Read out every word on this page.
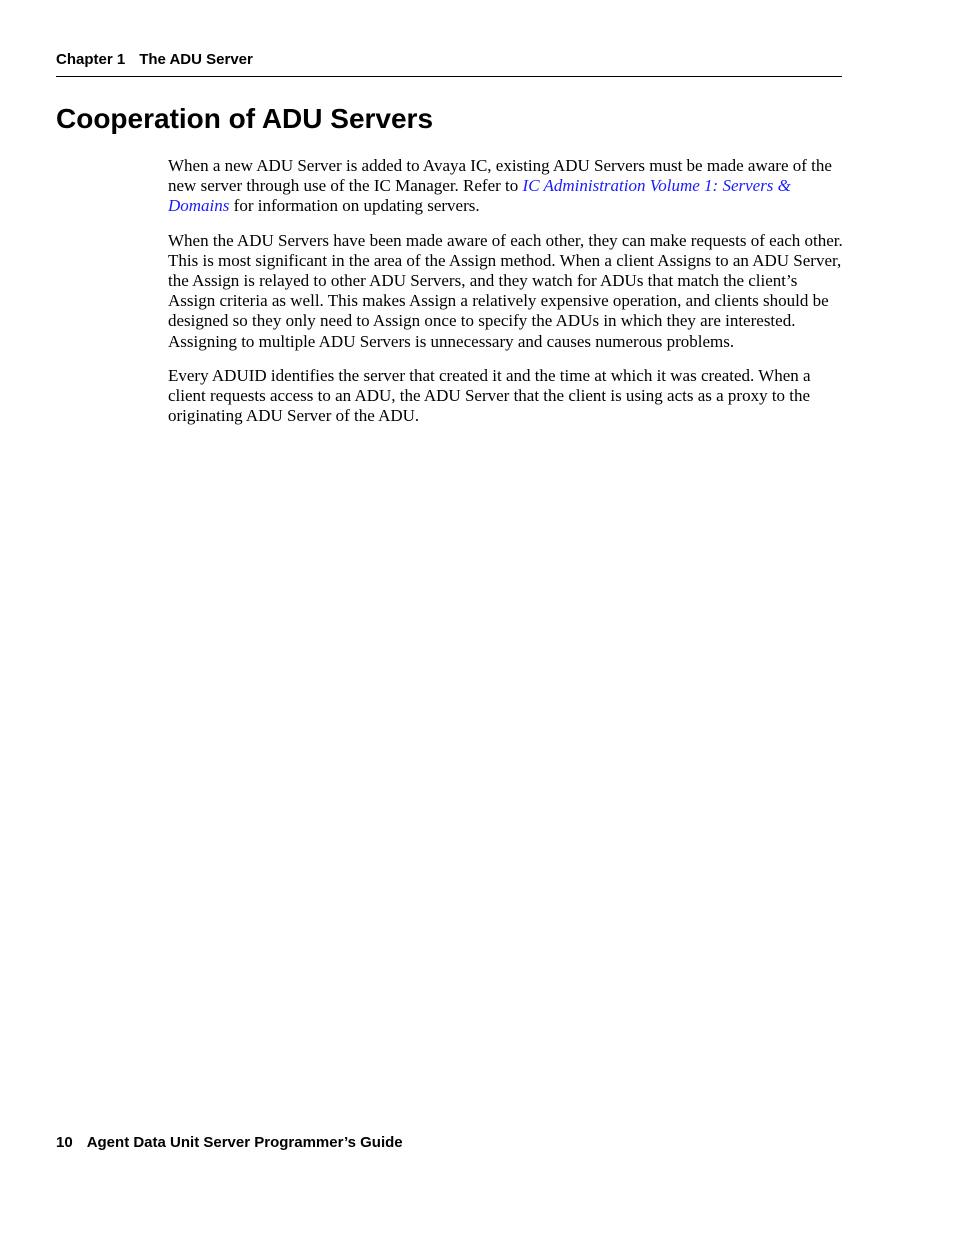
Chapter 1 The ADU Server
Cooperation of ADU Servers

When a new ADU Server is added to Avaya IC, existing ADU Servers must be made aware of the new server through use of the IC Manager. Refer to IC Administration Volume 1: Servers & Domains for information on updating servers.

When the ADU Servers have been made aware of each other, they can make requests of each other. This is most significant in the area of the Assign method. When a client Assigns to an ADU Server, the Assign is relayed to other ADU Servers, and they watch for ADUs that match the client’s Assign criteria as well. This makes Assign a relatively expensive operation, and clients should be designed so they only need to Assign once to specify the ADUs in which they are interested. Assigning to multiple ADU Servers is unnecessary and causes numerous problems.

Every ADUID identifies the server that created it and the time at which it was created. When a client requests access to an ADU, the ADU Server that the client is using acts as a proxy to the originating ADU Server of the ADU.

10 Agent Data Unit Server Programmer’s Guide
